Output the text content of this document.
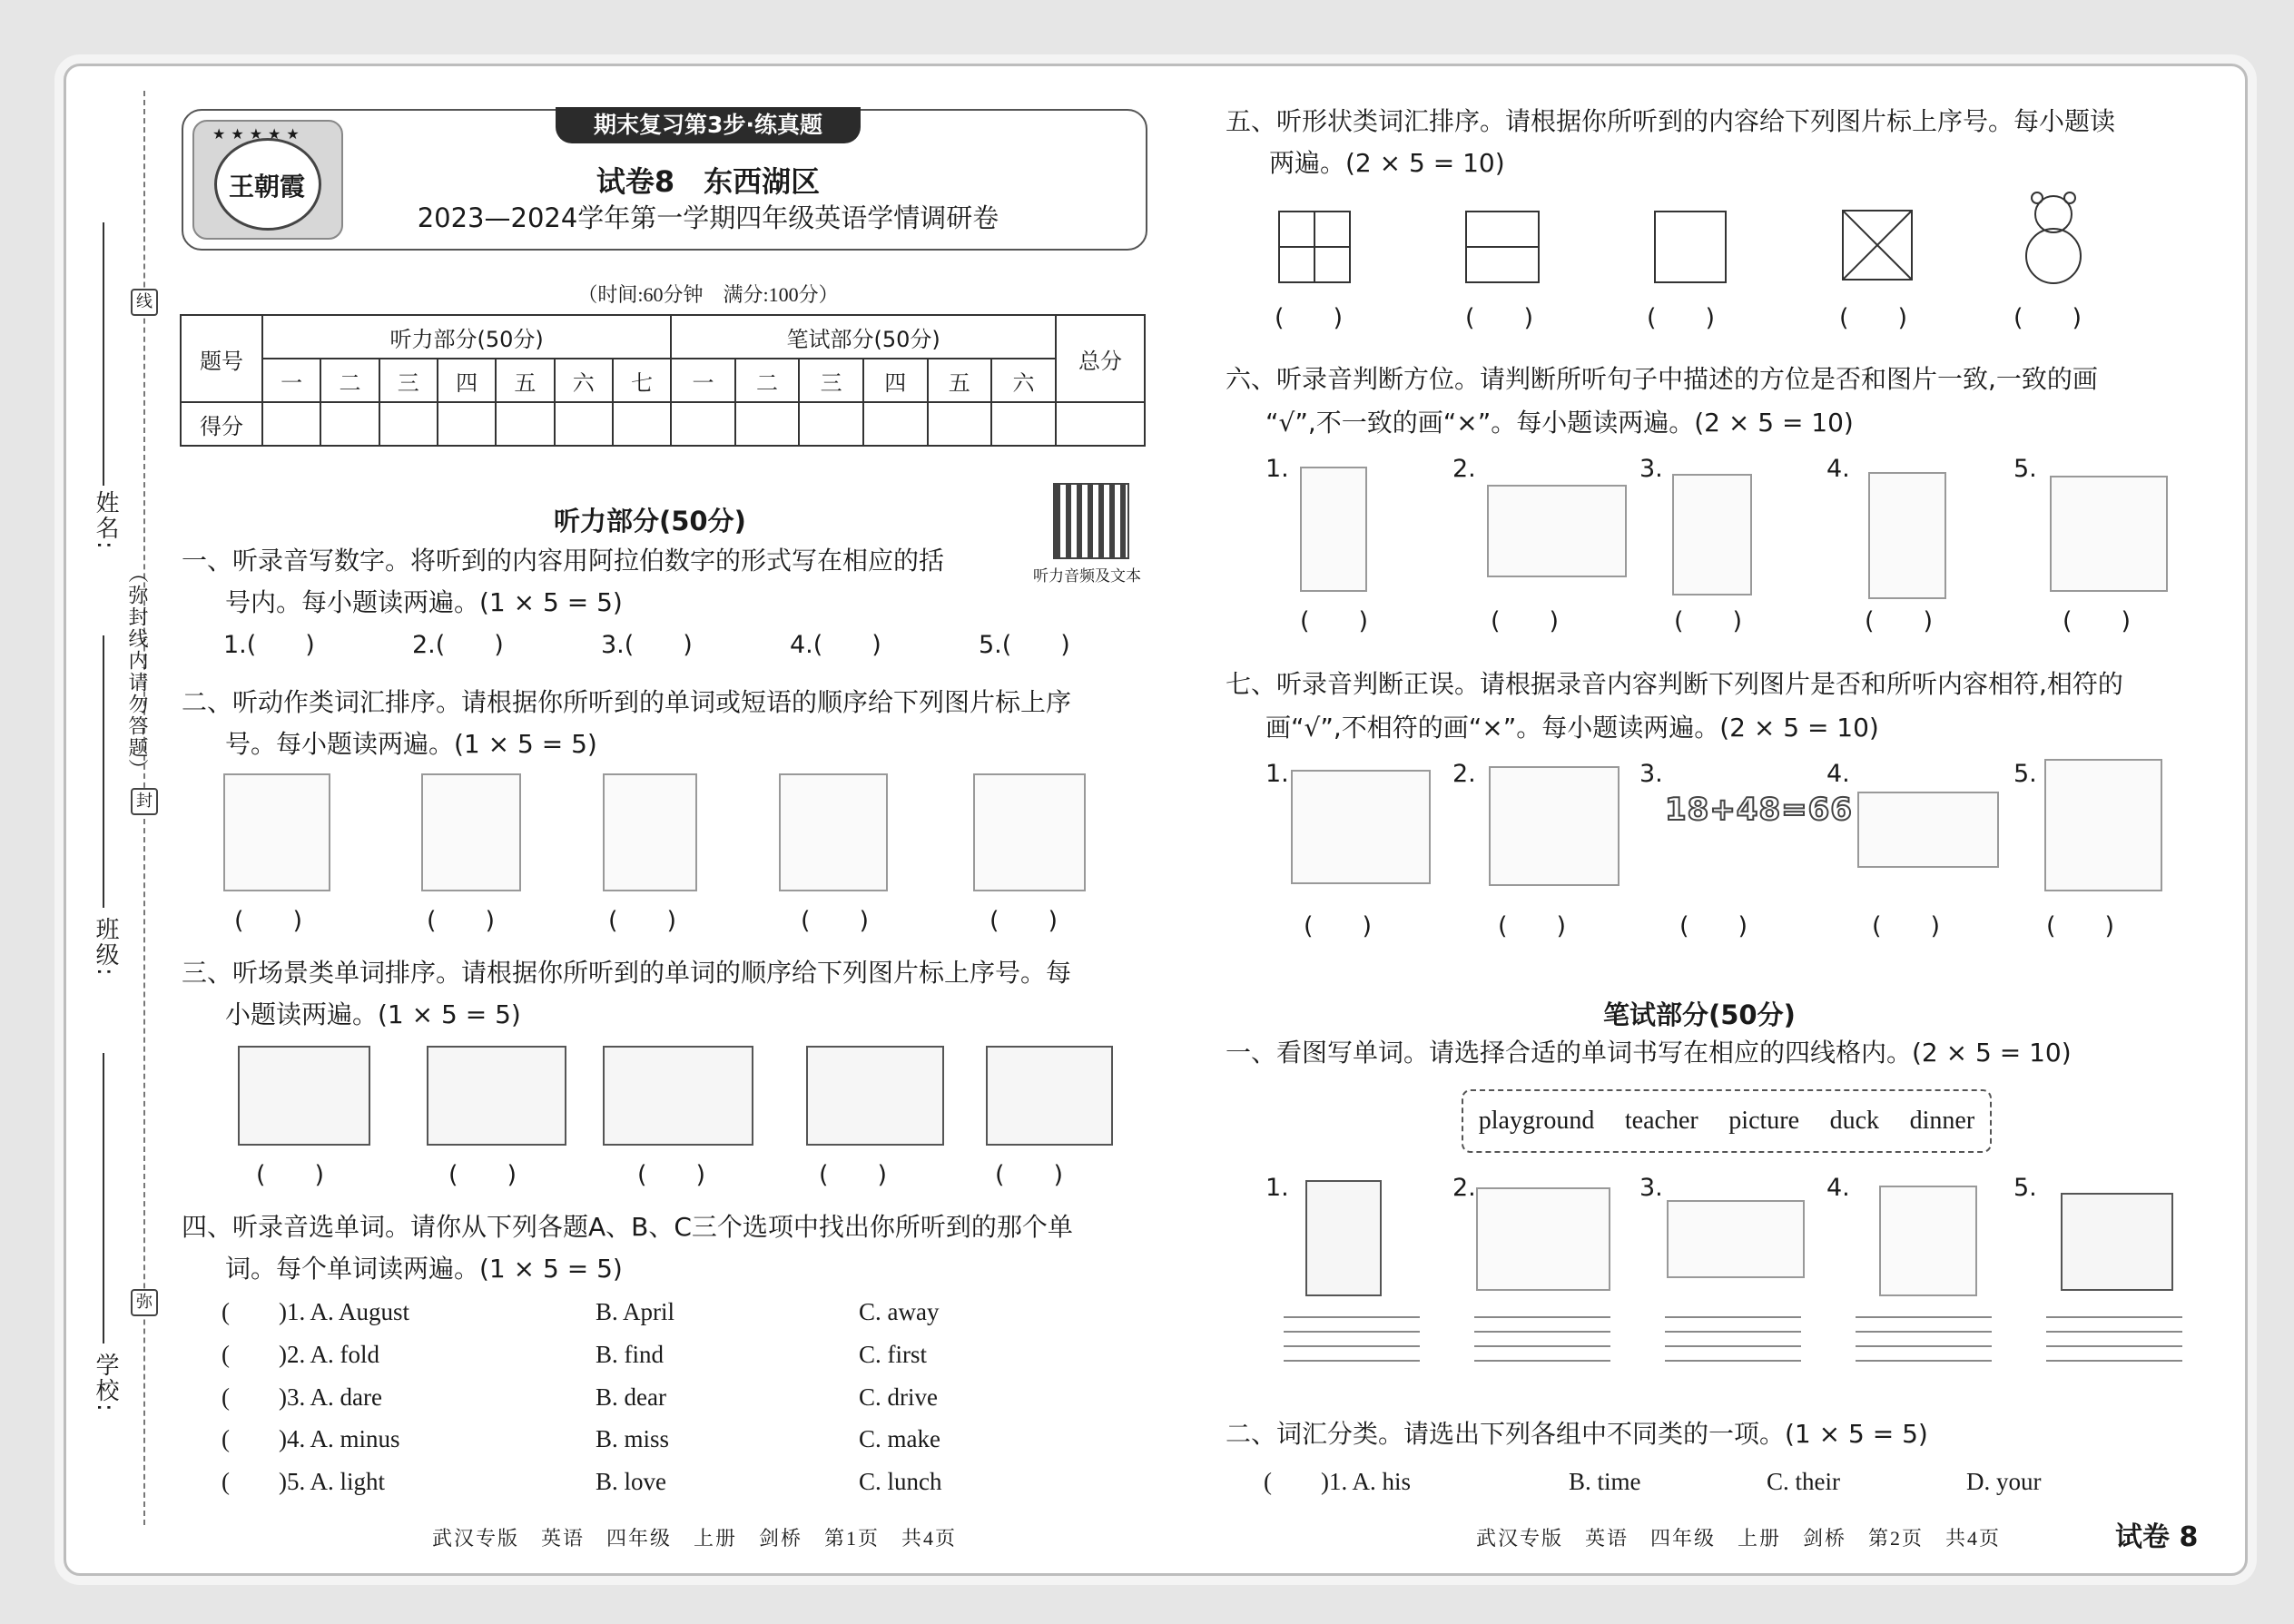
姓名:
班级:
学校:
（弥封线内请勿答题）
线
封
弥
王朝霞
★★★★★	期末复习第3步·练真题
试卷8　东西湖区
2023—2024学年第一学期四年级英语学情调研卷
（时间:60分钟　满分:100分）
题号	听力部分(50分)							笔试部分(50分)						总分
	一	二	三	四	五	六	七	一	二	三	四	五	六	
得分														
听力音频及文本
听力部分(50分)
一、听录音写数字。将听到的内容用阿拉伯数字的形式写在相应的括
号内。每小题读两遍。(1 × 5 = 5)
1.(　　)	2.(　　)	3.(　　)	4.(　　)	5.(　　)
二、听动作类词汇排序。请根据你所听到的单词或短语的顺序给下列图片标上序
号。每小题读两遍。(1 × 5 = 5)
(　　)	(　　)	(　　)	(　　)	(　　)
三、听场景类单词排序。请根据你所听到的单词的顺序给下列图片标上序号。每
小题读两遍。(1 × 5 = 5)
(　　)	(　　)	(　　)	(　　)	(　　)
四、听录音选单词。请你从下列各题A、B、C三个选项中找出你所听到的那个单
词。每个单词读两遍。(1 × 5 = 5)
(　　)1. A. August	B. April	C. away
(　　)2. A. fold	B. find	C. first
(　　)3. A. dare	B. dear	C. drive
(　　)4. A. minus	B. miss	C. make
(　　)5. A. light	B. love	C. lunch
武汉专版　英语　四年级　上册　剑桥　第1页　共4页
五、听形状类词汇排序。请根据你所听到的内容给下列图片标上序号。每小题读
两遍。(2 × 5 = 10)
(　　)	(　　)	(　　)	(　　)	(　　)
六、听录音判断方位。请判断所听句子中描述的方位是否和图片一致,一致的画
“√”,不一致的画“×”。每小题读两遍。(2 × 5 = 10)
1.	2.	3.	4.	5.
(　　)	(　　)	(　　)	(　　)	(　　)
七、听录音判断正误。请根据录音内容判断下列图片是否和所听内容相符,相符的
画“√”,不相符的画“×”。每小题读两遍。(2 × 5 = 10)
1.	2.	3.	4.	5.
18+48=66
(　　)	(　　)	(　　)	(　　)	(　　)
笔试部分(50分)
一、看图写单词。请选择合适的单词书写在相应的四线格内。(2 × 5 = 10)
playground teacher picture duck dinner
1.	2.	3.	4.	5.
二、词汇分类。请选出下列各组中不同类的一项。(1 × 5 = 5)
(　　)1. A. his	B. time	C. their	D. your
武汉专版　英语　四年级　上册　剑桥　第2页　共4页	试卷 8
